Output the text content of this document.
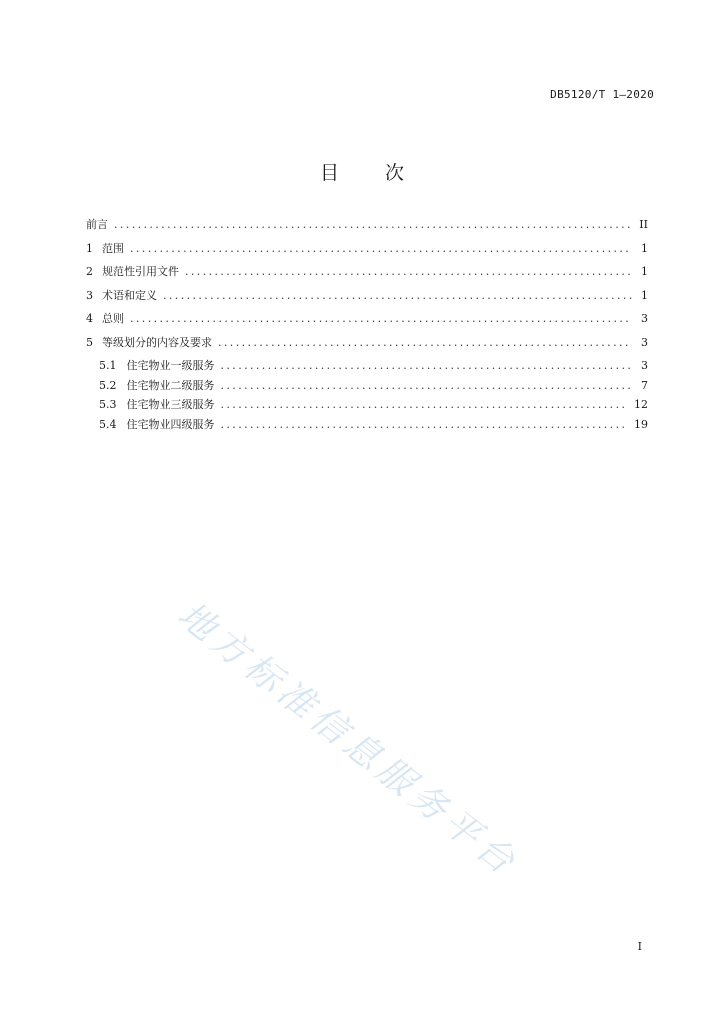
DB5120/T 1—2020
目 次
前言 .....	II
1 范围 .....	1
2 规范性引用文件 .....	1
3 术语和定义 .....	1
4 总则 .....	3
5 等级划分的内容及要求 .....	3
5.1 住宅物业一级服务 .....	3
5.2 住宅物业二级服务 .....	7
5.3 住宅物业三级服务 .....	12
5.4 住宅物业四级服务 .....	19
地方标准信息服务平台
I
